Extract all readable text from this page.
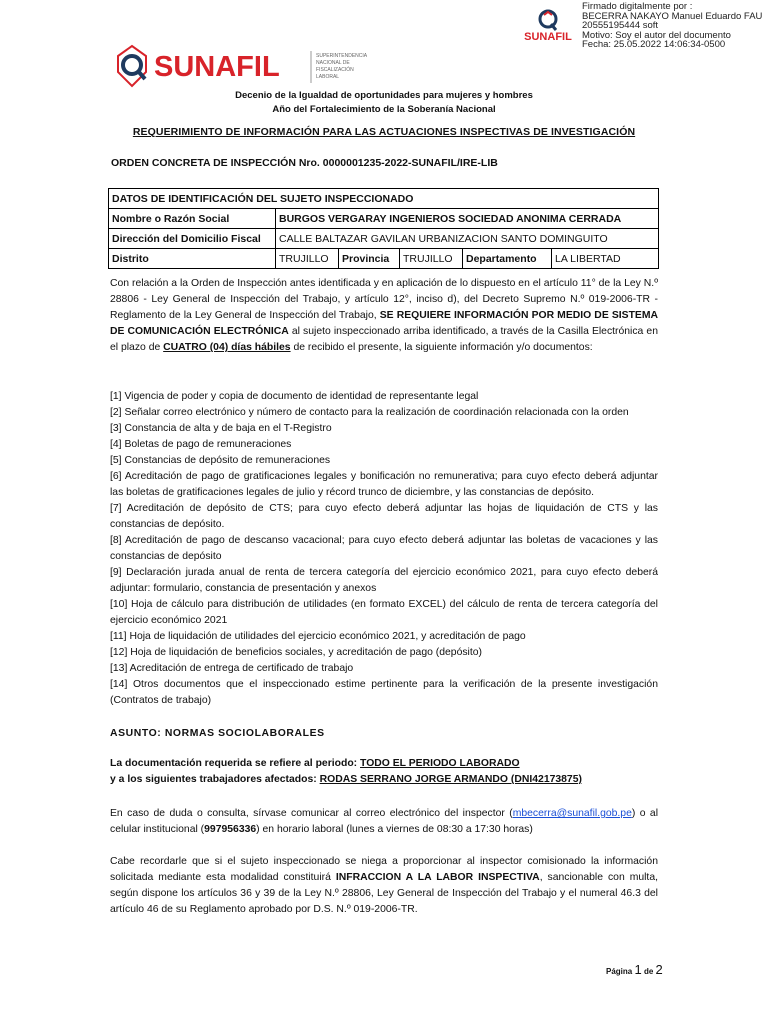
SUNAFIL
Firmado digitalmente por :
BECERRA NAKAYO Manuel Eduardo FAU
20555195444 soft
Motivo: Soy el autor del documento
Fecha: 25.05.2022 14:06:34-0500
SUNAFIL	SUPERINTENDENCIA
NACIONAL DE
FISCALIZACIÓN
LABORAL
Decenio de la Igualdad de oportunidades para mujeres y hombres
Año del Fortalecimiento de la Soberanía Nacional
REQUERIMIENTO DE INFORMACIÓN PARA LAS ACTUACIONES INSPECTIVAS DE INVESTIGACIÓN
ORDEN CONCRETA DE INSPECCIÓN Nro. 0000001235-2022-SUNAFIL/IRE-LIB
DATOS DE IDENTIFICACIÓN DEL SUJETO INSPECCIONADO					
Nombre o Razón Social	BURGOS VERGARAY INGENIEROS SOCIEDAD ANONIMA CERRADA				
Dirección del Domicilio Fiscal	CALLE BALTAZAR GAVILAN URBANIZACION SANTO DOMINGUITO				
Distrito	TRUJILLO	Provincia	TRUJILLO	Departamento	LA LIBERTAD
Con relación a la Orden de Inspección antes identificada y en aplicación de lo dispuesto en el artículo 11° de la Ley N.º 28806 - Ley General de Inspección del Trabajo, y artículo 12°, inciso d), del Decreto Supremo N.º 019-2006-TR - Reglamento de la Ley General de Inspección del Trabajo, SE REQUIERE INFORMACIÓN POR MEDIO DE SISTEMA DE COMUNICACIÓN ELECTRÓNICA al sujeto inspeccionado arriba identificado, a través de la Casilla Electrónica en el plazo de CUATRO (04) días hábiles de recibido el presente, la siguiente información y/o documentos:
[1] Vigencia de poder y copia de documento de identidad de representante legal
[2] Señalar correo electrónico y número de contacto para la realización de coordinación relacionada con la orden
[3] Constancia de alta y de baja en el T-Registro
[4] Boletas de pago de remuneraciones
[5] Constancias de depósito de remuneraciones
[6] Acreditación de pago de gratificaciones legales y bonificación no remunerativa; para cuyo efecto deberá adjuntar las boletas de gratificaciones legales de julio y récord trunco de diciembre, y las constancias de depósito.
[7] Acreditación de depósito de CTS; para cuyo efecto deberá adjuntar las hojas de liquidación de CTS y las constancias de depósito.
[8] Acreditación de pago de descanso vacacional; para cuyo efecto deberá adjuntar las boletas de vacaciones y las constancias de depósito
[9] Declaración jurada anual de renta de tercera categoría del ejercicio económico 2021, para cuyo efecto deberá adjuntar: formulario, constancia de presentación y anexos
[10] Hoja de cálculo para distribución de utilidades (en formato EXCEL) del cálculo de renta de tercera categoría del ejercicio económico 2021
[11] Hoja de liquidación de utilidades del ejercicio económico 2021, y acreditación de pago
[12] Hoja de liquidación de beneficios sociales, y acreditación de pago (depósito)
[13] Acreditación de entrega de certificado de trabajo
[14] Otros documentos que el inspeccionado estime pertinente para la verificación de la presente investigación (Contratos de trabajo)
ASUNTO: NORMAS SOCIOLABORALES
La documentación requerida se refiere al periodo: TODO EL PERIODO LABORADO
y a los siguientes trabajadores afectados: RODAS SERRANO JORGE ARMANDO (DNI42173875)
En caso de duda o consulta, sírvase comunicar al correo electrónico del inspector (mbecerra@sunafil.gob.pe) o al celular institucional (997956336) en horario laboral (lunes a viernes de 08:30 a 17:30 horas)
Cabe recordarle que si el sujeto inspeccionado se niega a proporcionar al inspector comisionado la información solicitada mediante esta modalidad constituirá INFRACCION A LA LABOR INSPECTIVA, sancionable con multa, según dispone los artículos 36 y 39 de la Ley N.º 28806, Ley General de Inspección del Trabajo y el numeral 46.3 del artículo 46 de su Reglamento aprobado por D.S. N.º 019-2006-TR.
Página 1 de 2
